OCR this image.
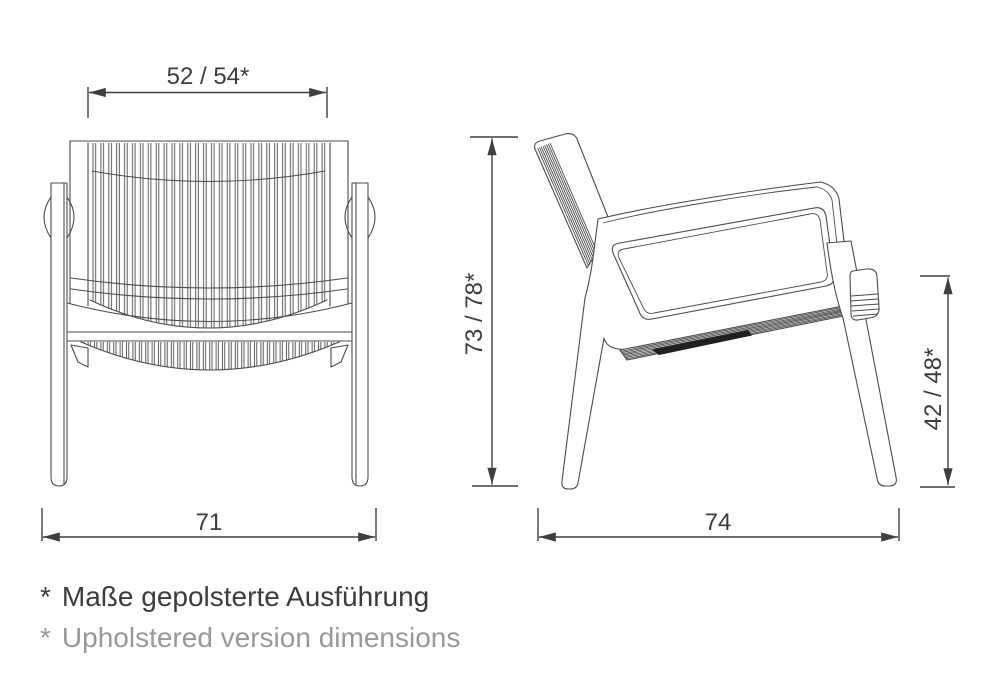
52 / 54*
71
73 / 78*
42 / 48*
74
* Maße gepolsterte Ausführung
* Upholstered version dimensions
